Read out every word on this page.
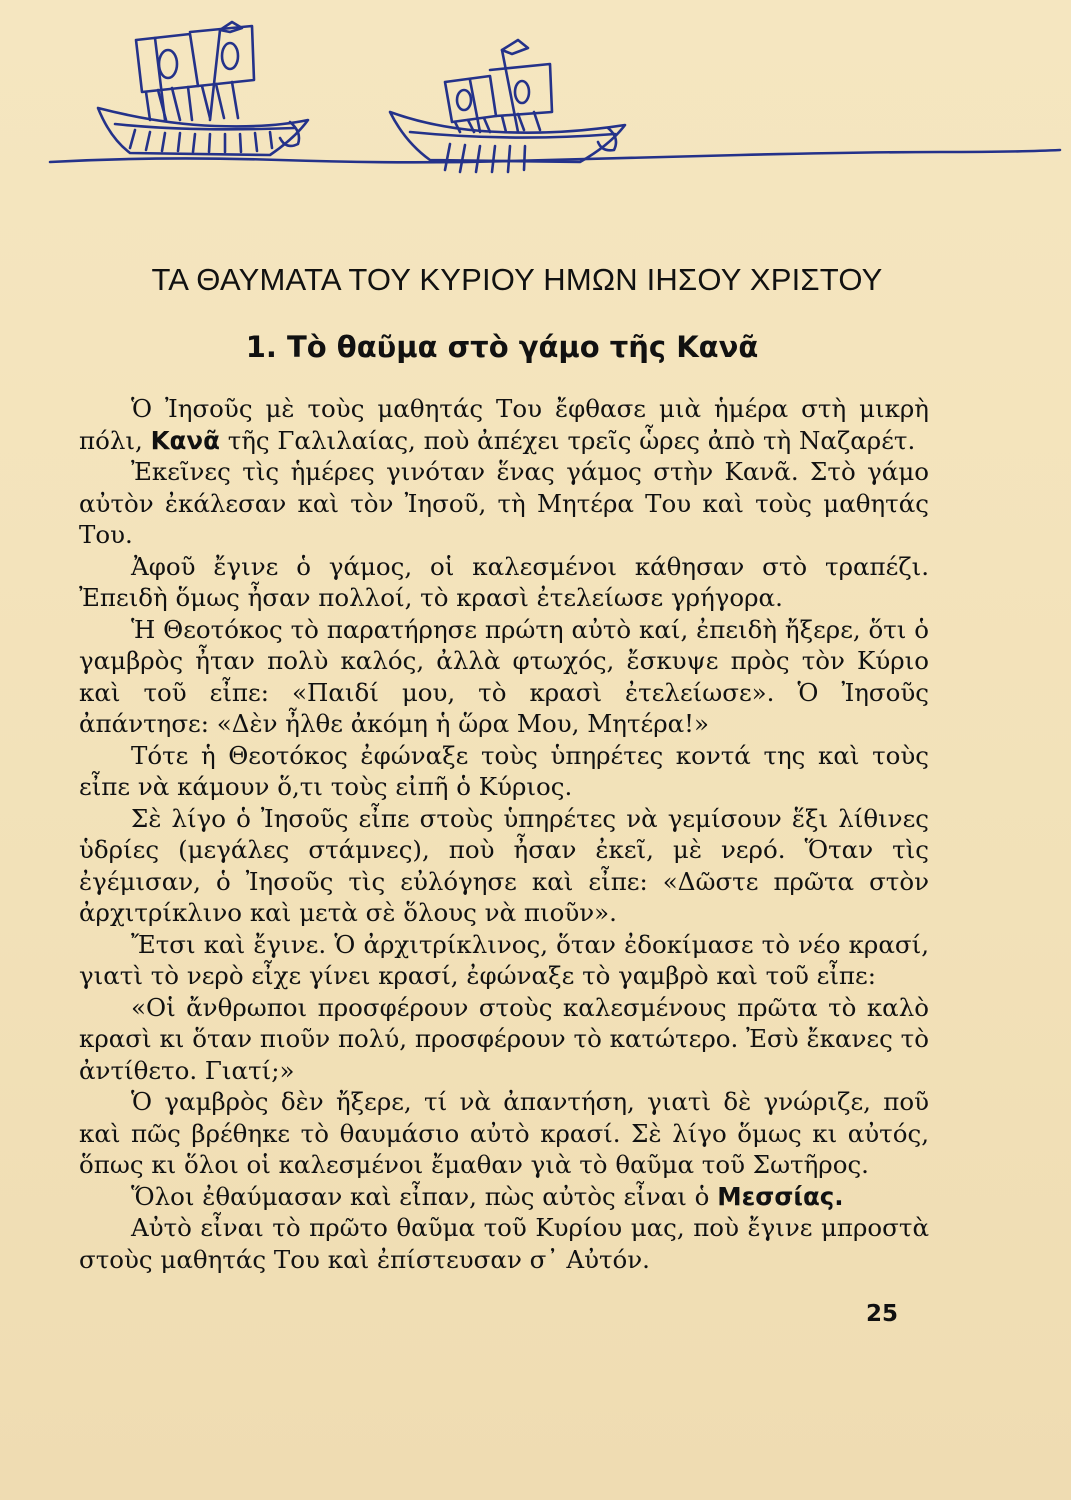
ΤΑ ΘΑΥΜΑΤΑ ΤΟΥ ΚΥΡΙΟΥ ΗΜΩΝ ΙΗΣΟΥ ΧΡΙΣΤΟΥ
1. Τὸ θαῦμα στὸ γάμο τῆς Κανᾶ

Ὁ Ἰησοῦς μὲ τοὺς μαθητάς Του ἔφθασε μιὰ ἡμέρα στὴ μικρὴ πόλι, Κανᾶ τῆς Γαλιλαίας, ποὺ ἀπέχει τρεῖς ὧρες ἀπὸ τὴ Ναζαρέτ.

Ἐκεῖνες τὶς ἡμέρες γινόταν ἕνας γάμος στὴν Κανᾶ. Στὸ γάμο αὐτὸν ἐκάλεσαν καὶ τὸν Ἰησοῦ, τὴ Μητέρα Του καὶ τοὺς μαθητάς Του.

Ἀφοῦ ἔγινε ὁ γάμος, οἱ καλεσμένοι κάθησαν στὸ τραπέζι. Ἐπειδὴ ὅμως ἦσαν πολλοί, τὸ κρασὶ ἐτελείωσε γρήγορα.

Ἡ Θεοτόκος τὸ παρατήρησε πρώτη αὐτὸ καί, ἐπειδὴ ἤξερε, ὅτι ὁ γαμβρὸς ἦταν πολὺ καλός, ἀλλὰ φτωχός, ἔσκυψε πρὸς τὸν Κύριο καὶ τοῦ εἶπε: «Παιδί μου, τὸ κρασὶ ἐτελείωσε». Ὁ Ἰησοῦς ἀπάντησε: «Δὲν ἦλθε ἀκόμη ἡ ὥρα Μου, Μητέρα!»

Τότε ἡ Θεοτόκος ἐφώναξε τοὺς ὑπηρέτες κοντά της καὶ τοὺς εἶπε νὰ κάμουν ὅ,τι τοὺς εἰπῆ ὁ Κύριος.

Σὲ λίγο ὁ Ἰησοῦς εἶπε στοὺς ὑπηρέτες νὰ γεμίσουν ἕξι λίθινες ὑδρίες (μεγάλες στάμνες), ποὺ ἦσαν ἐκεῖ, μὲ νερό. Ὅταν τὶς ἐγέμισαν, ὁ Ἰησοῦς τὶς εὐλόγησε καὶ εἶπε: «Δῶστε πρῶτα στὸν ἀρχιτρίκλινο καὶ μετὰ σὲ ὅλους νὰ πιοῦν».

Ἔτσι καὶ ἔγινε. Ὁ ἀρχιτρίκλινος, ὅταν ἐδοκίμασε τὸ νέο κρασί, γιατὶ τὸ νερὸ εἶχε γίνει κρασί, ἐφώναξε τὸ γαμβρὸ καὶ τοῦ εἶπε:

«Οἱ ἄνθρωποι προσφέρουν στοὺς καλεσμένους πρῶτα τὸ καλὸ κρασὶ κι ὅταν πιοῦν πολύ, προσφέρουν τὸ κατώτερο. Ἐσὺ ἔκανες τὸ ἀντίθετο. Γιατί;»

Ὁ γαμβρὸς δὲν ἤξερε, τί νὰ ἀπαντήση, γιατὶ δὲ γνώριζε, ποῦ καὶ πῶς βρέθηκε τὸ θαυμάσιο αὐτὸ κρασί. Σὲ λίγο ὅμως κι αὐτός, ὅπως κι ὅλοι οἱ καλεσμένοι ἔμαθαν γιὰ τὸ θαῦμα τοῦ Σωτῆρος.

Ὅλοι ἐθαύμασαν καὶ εἶπαν, πὼς αὐτὸς εἶναι ὁ Μεσσίας.

Αὐτὸ εἶναι τὸ πρῶτο θαῦμα τοῦ Κυρίου μας, ποὺ ἔγινε μπροστὰ στοὺς μαθητάς Του καὶ ἐπίστευσαν σ᾽ Αὐτόν.

25
